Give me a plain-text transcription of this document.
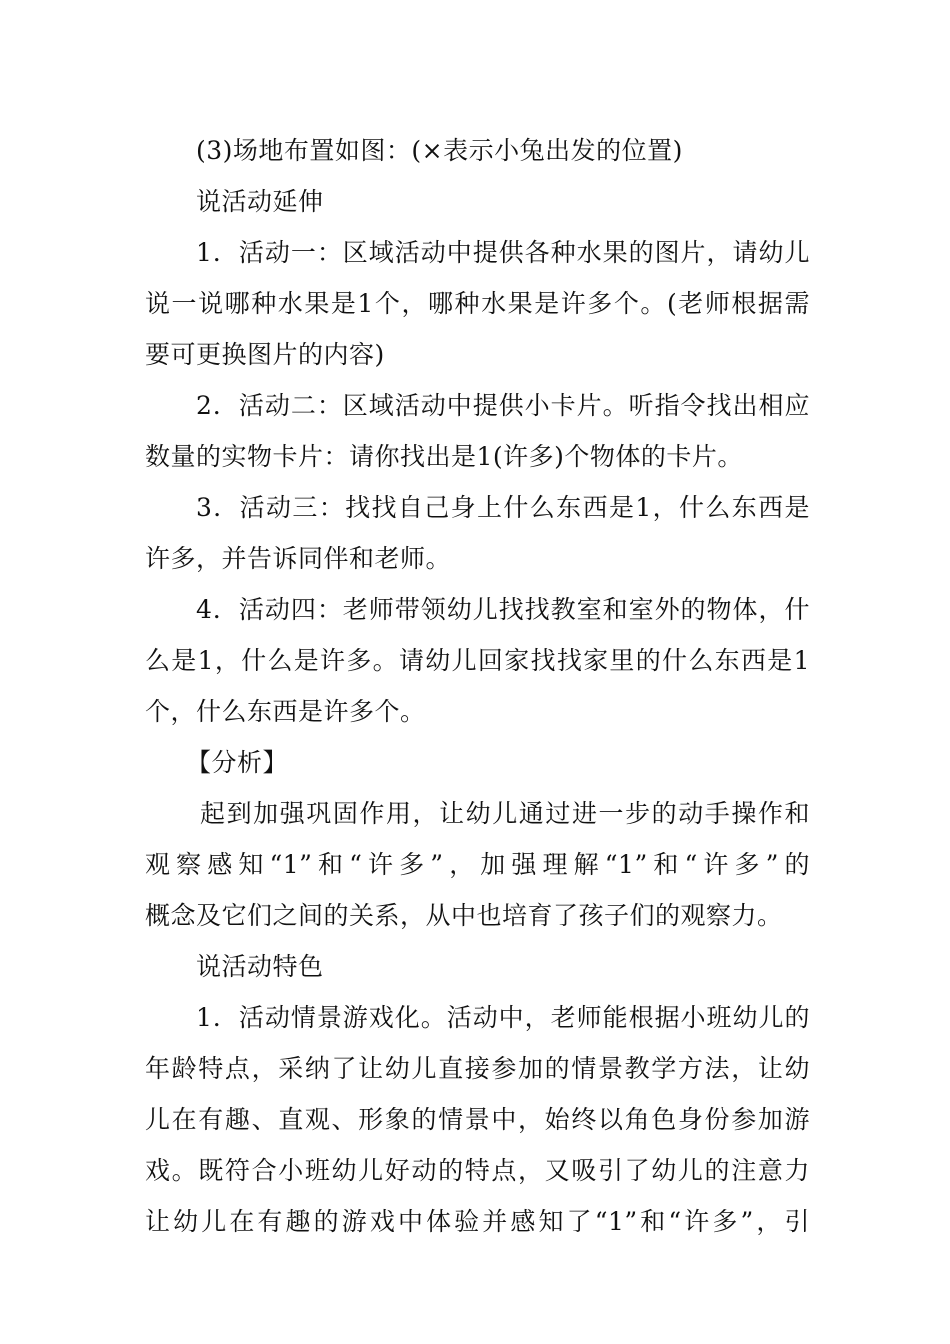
(3)场地布置如图：(×表示小兔出发的位置)
说活动延伸
1．活动一：区域活动中提供各种水果的图片，请幼儿
说一说哪种水果是1个，哪种水果是许多个。(老师根据需
要可更换图片的内容)
2．活动二：区域活动中提供小卡片。听指令找出相应
数量的实物卡片：请你找出是1(许多)个物体的卡片。
3．活动三：找找自己身上什么东西是1，什么东西是
许多，并告诉同伴和老师。
4．活动四：老师带领幼儿找找教室和室外的物体，什
么是1，什么是许多。请幼儿回家找找家里的什么东西是1
个，什么东西是许多个。
【分析】
起到加强巩固作用，让幼儿通过进一步的动手操作和
观察感知“1”和“许多”，加强理解“1”和“许多”的
概念及它们之间的关系，从中也培育了孩子们的观察力。
说活动特色
1．活动情景游戏化。活动中，老师能根据小班幼儿的
年龄特点，采纳了让幼儿直接参加的情景教学方法，让幼
儿在有趣、直观、形象的情景中，始终以角色身份参加游
戏。既符合小班幼儿好动的特点，又吸引了幼儿的注意力
让幼儿在有趣的游戏中体验并感知了“1”和“许多”，引
